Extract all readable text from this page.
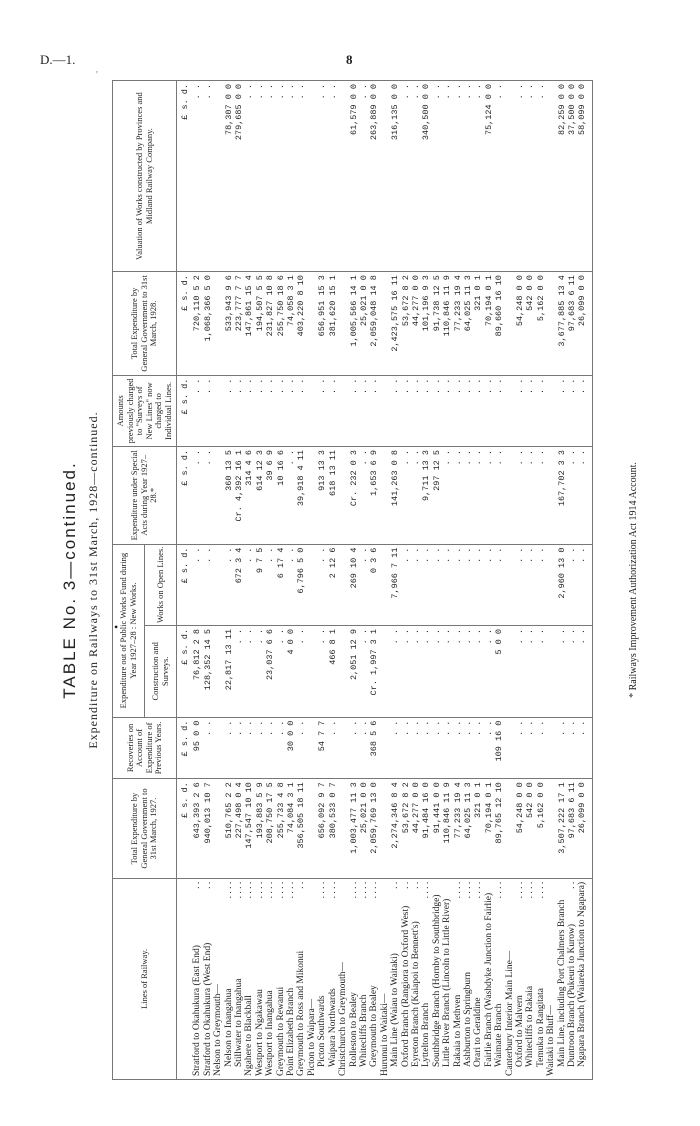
D.—1.	8
'
•
TABLE No. 3—continued. Expenditure on Railways to 31st March, 1928—continued.
Lines of Railway.	Total Expenditure by General Government to 31st March, 1927.	Recoveries on Account of Expenditure of Previous Years.	Expenditure out of Public Works Fund during Year 1927–28 : New Works.		Expenditure under Special Acts during Year 1927–28.*	Amounts previously charged to "Surveys of New Lines" now charged to Individual Lines.	Total Expenditure by General Government to 31st March, 1928.	Valuation of Works constructed by Provinces and Midland Railway Company.
			Construction and Surveys.	Works on Open Lines.				
	£ s. d.	£ s. d.	£ s. d.	£ s. d.	£ s. d.	£ s. d.	£ s. d.	£ s. d.
Stratford to Okahukura (East End)
. .	643,393 2 6	95 0 0	76,812 2 8	. .	. .	. .	720,110 5 2	. .
Stratford to Okahukura (West End)
. .	940,013 10 7	. .	128,352 14 5	. .	. .	. .	1,068,366 5 0	. .
Nelson to Greymouth—

Nelson to Inangahua
. . . .	510,765 2 2	. .	22,817 13 11	. .	360 13 5	. .	533,943 9 6	78,307 0 0
Stillwater to Inangahua
. . . .	227,498 0 4	. .	. .	672 3 4	Cr. 4,392 16 1	. .	223,777 7 7	279,685 0 0
Ngahere to Blackball
. . . .	147,547 10 10	. .	. .	. .	314 4 6	. .	147,861 15 4	. .
Westport to Ngakawau
. . . .	193,883 5 9	. .	. .	9 7 5	614 12 3	. .	194,507 5 5	. .
Westport to Inangahua
. . . .	208,750 17 5	. .	23,037 6 6	. .	39 6 9	. .	231,827 10 8	. .
Greymouth to Rewanui
. . . .	255,733 4 8	. .	. .	6 17 4	10 16 6	. .	255,750 18 6	. .
Point Elizabeth Branch
. . . .	74,084 3 1	30 0 0	4 0 0	. .	. .	. .	74,058 3 1	. .
Greymouth to Ross and Mikonui
. .	356,505 18 11	. .	. .	6,796 5 0	39,918 4 11	. .	403,220 8 10	. .
Picton to Waipara—

Picton Southwards
. . . .	656,092 9 7	54 7 7	. .	. .	913 13 3	. .	656,951 15 3	. .
Waipara Northwards
. . . .	380,533 0 7	. .	466 8 1	2 12 6	618 13 11	. .	381,620 15 1	. .
Christchurch to Greymouth—

Rolleston to Bealey
. . . .	1,003,477 11 3	. .	2,051 12 9	269 10 4	Cr. 232 0 3	. .	1,005,566 14 1	61,579 0 0
Whitecliffs Branch
. . . .	25,021 0 0	. .	. .	. .	. .	. .	25,021 0 0	. .
Greymouth to Bealey
. . . .	2,059,769 13 0	368 5 6	Cr. 1,997 3 1	0 3 6	1,653 6 9	. .	2,059,048 14 8	263,889 0 0
Hurunui to Waitaki—

Main Line (Waiau to Waitaki)
. .	2,274,346 8 4	. .	. .	7,966 7 11	141,263 0 8	. .	2,423,575 16 11	316,135 0 0
Oxford Branch (Rangiora to Oxford West)
. .	53,672 8 2	. .	. .	. .	. .	. .	53,672 8 2	. .
Eyreton Branch (Kaiapoi to Bennett's)
. .	44,277 0 0	. .	. .	. .	. .	. .	44,277 0 0	. .
Lyttelton Branch
. . . .	91,484 16 0	. .	. .	. .	9,711 13 3	. .	101,196 9 3	340,500 0 0
Southbridge Branch (Hornby to Southbridge)	91,441 0 0	. .	. .	. .	297 12 5	. .	91,738 12 5	. .
Little River Branch (Lincoln to Little River)	110,846 11 9	. .	. .	. .	. .	. .	110,846 11 9	. .
Rakaia to Methven
. . . .	77,233 19 4	. .	. .	. .	. .	. .	77,233 19 4	. .
Ashburton to Springburn
. . . .	64,025 11 3	. .	. .	. .	. .	. .	64,025 11 3	. .
Orari to Geraldine
. . . .	321 0 1	. .	. .	. .	. .	. .	321 0 1	. .
Fairlie Branch (Washdyke Junction to Fairlie)	70,194 0 1	. .	. .	. .	. .	. .	70,194 0 1	75,124 0 0
Waimate Branch
. . . .	89,765 12 10	109 16 0	5 0 0	. .	. .	. .	89,660 16 10	. .
Canterbury Interior Main Line—

Oxford to Malvern
. . . .	54,248 0 0	. .	. .	. .	. .	. .	54,248 0 0	. .
Whitecliffs to Rakaia
. . . .	542 0 0	. .	. .	. .	. .	. .	542 0 0	. .
Temuka to Rangitata
. . . .	5,162 0 0	. .	. .	. .	. .	. .	5,162 0 0	. .
Waitaki to Bluff—

Main Line, including Port Chalmers Branch	3,507,222 17 1	. .	. .	2,960 13 0	167,702 3 3	. .	3,677,885 13 4	82,259 0 0
Duntroon Branch (Pukeuri to Kurow)
. .	97,683 6 11	. .	. .	. .	. .	. .	97,683 6 11	37,500 0 0
Ngapara Branch (Waiareka Junction to Ngapara)	26,099 0 0	. .	. .	. .	. .	. .	26,099 0 0	58,099 0 0

* Railways Improvement Authorization Act 1914 Account.
